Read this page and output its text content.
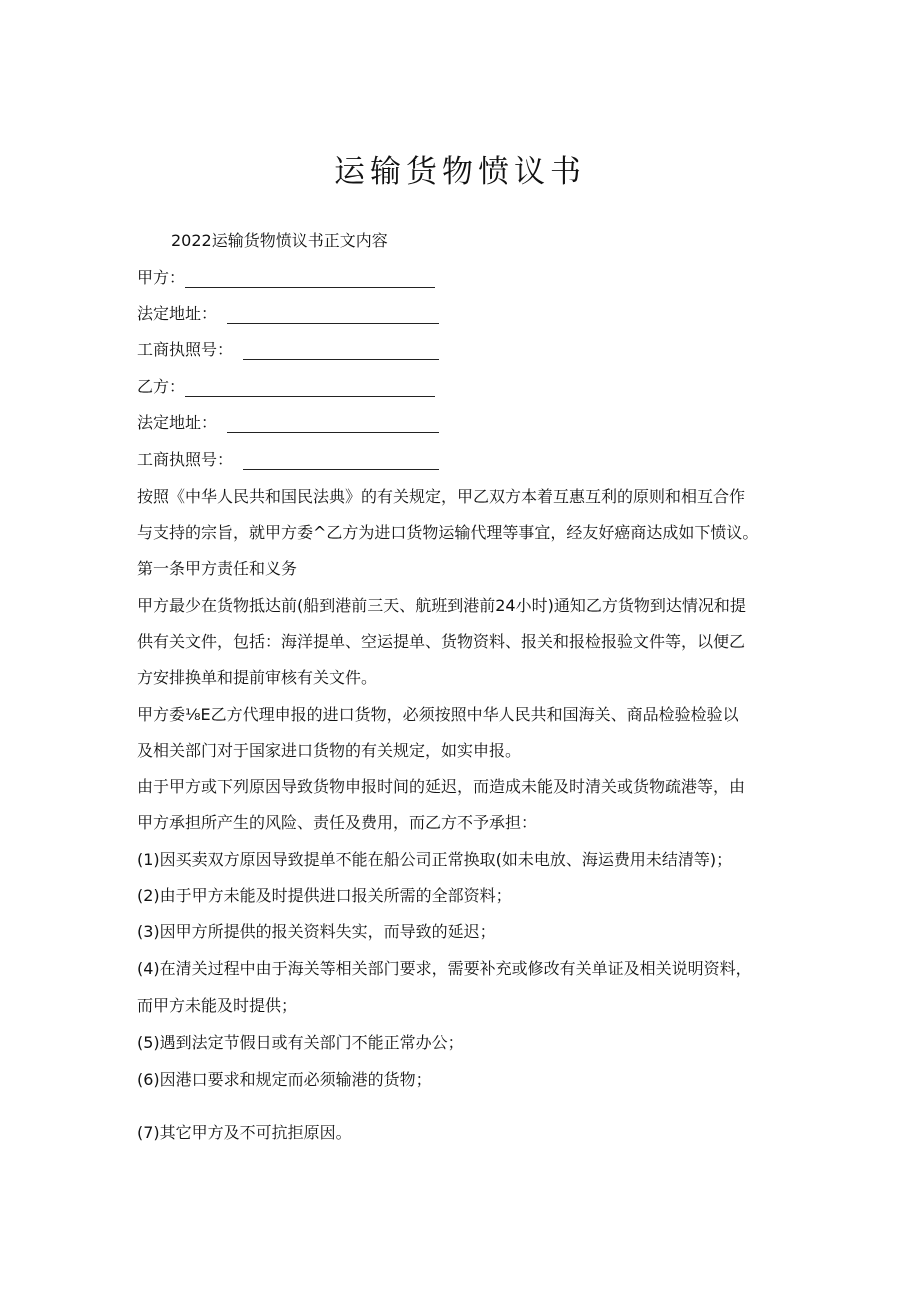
运输货物愤议书

2022运输货物愤议书正文内容

甲方：
法定地址：
工商执照号：
乙方：
法定地址：
工商执照号：

按照《中华人民共和国民法典》的有关规定，甲乙双方本着互惠互利的原则和相互合作

与支持的宗旨，就甲方委^乙方为进口货物运输代理等事宜，经友好癌商达成如下愤议。

第一条甲方责任和义务

甲方最少在货物抵达前(船到港前三天、航班到港前24小时)通知乙方货物到达情况和提

供有关文件，包括：海洋提单、空运提单、货物资料、报关和报检报验文件等，以便乙

方安排换单和提前审核有关文件。

甲方委⅛E乙方代理申报的进口货物，必须按照中华人民共和国海关、商品检验检验以

及相关部门对于国家进口货物的有关规定，如实申报。

由于甲方或下列原因导致货物申报时间的延迟，而造成未能及时清关或货物疏港等，由

甲方承担所产生的风险、责任及费用，而乙方不予承担：

(1)因买卖双方原因导致提单不能在船公司正常换取(如未电放、海运费用未结清等)；

(2)由于甲方未能及时提供进口报关所需的全部资料；

(3)因甲方所提供的报关资料失实，而导致的延迟；

(4)在清关过程中由于海关等相关部门要求，需要补充或修改有关单证及相关说明资料，

而甲方未能及时提供；

(5)遇到法定节假日或有关部门不能正常办公；

(6)因港口要求和规定而必须输港的货物；

(7)其它甲方及不可抗拒原因。
